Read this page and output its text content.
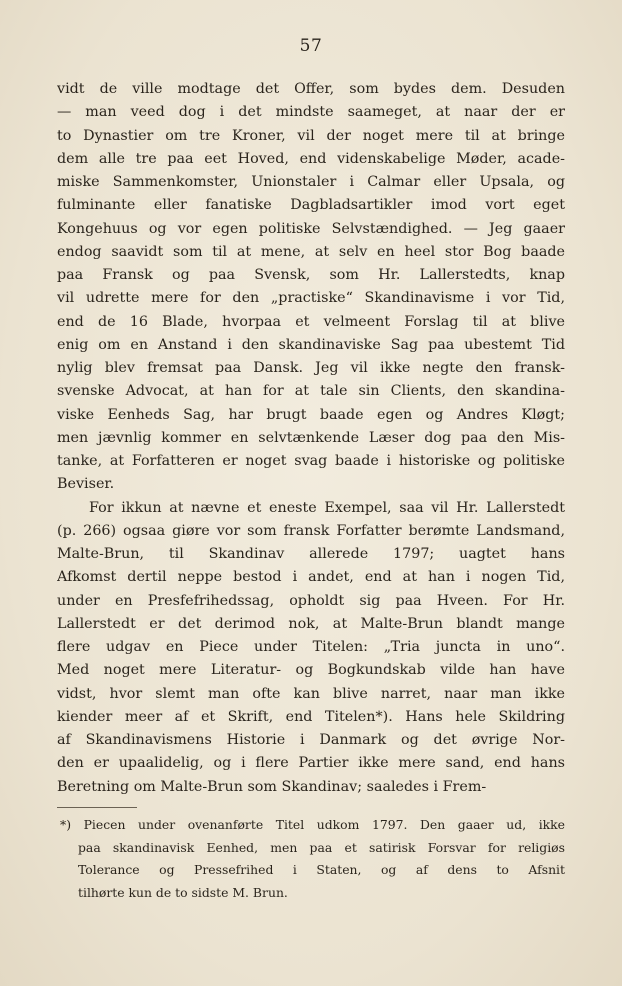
57
vidt de ville modtage det Offer, som bydes dem. Desuden
— man veed dog i det mindste saameget, at naar der er
to Dynastier om tre Kroner, vil der noget mere til at bringe
dem alle tre paa eet Hoved, end videnskabelige Møder, acade-
miske Sammenkomster, Unionstaler i Calmar eller Upsala, og
fulminante eller fanatiske Dagbladsartikler imod vort eget
Kongehuus og vor egen politiske Selvstændighed. — Jeg gaaer
endog saavidt som til at mene, at selv en heel stor Bog baade
paa Fransk og paa Svensk, som Hr. Lallerstedts, knap
vil udrette mere for den „practiske“ Skandinavisme i vor Tid,
end de 16 Blade, hvorpaa et velmeent Forslag til at blive
enig om en Anstand i den skandinaviske Sag paa ubestemt Tid
nylig blev fremsat paa Dansk. Jeg vil ikke negte den fransk-
svenske Advocat, at han for at tale sin Clients, den skandina-
viske Eenheds Sag, har brugt baade egen og Andres Kløgt;
men jævnlig kommer en selvtænkende Læser dog paa den Mis-
tanke, at Forfatteren er noget svag baade i historiske og politiske
Beviser.
For ikkun at nævne et eneste Exempel, saa vil Hr. Lallerstedt
(p. 266) ogsaa giøre vor som fransk Forfatter berømte Landsmand,
Malte-Brun, til Skandinav allerede 1797; uagtet hans
Afkomst dertil neppe bestod i andet, end at han i nogen Tid,
under en Presfefrihedssag, opholdt sig paa Hveen. For Hr.
Lallerstedt er det derimod nok, at Malte-Brun blandt mange
flere udgav en Piece under Titelen: „Tria juncta in uno“.
Med noget mere Literatur- og Bogkundskab vilde han have
vidst, hvor slemt man ofte kan blive narret, naar man ikke
kiender meer af et Skrift, end Titelen*). Hans hele Skildring
af Skandinavismens Historie i Danmark og det øvrige Nor-
den er upaalidelig, og i flere Partier ikke mere sand, end hans
Beretning om Malte-Brun som Skandinav; saaledes i Frem-
*) Piecen under ovenanførte Titel udkom 1797. Den gaaer ud, ikke
paa skandinavisk Eenhed, men paa et satirisk Forsvar for religiøs
Tolerance og Pressefrihed i Staten, og af dens to Afsnit
tilhørte kun de to sidste M. Brun.
